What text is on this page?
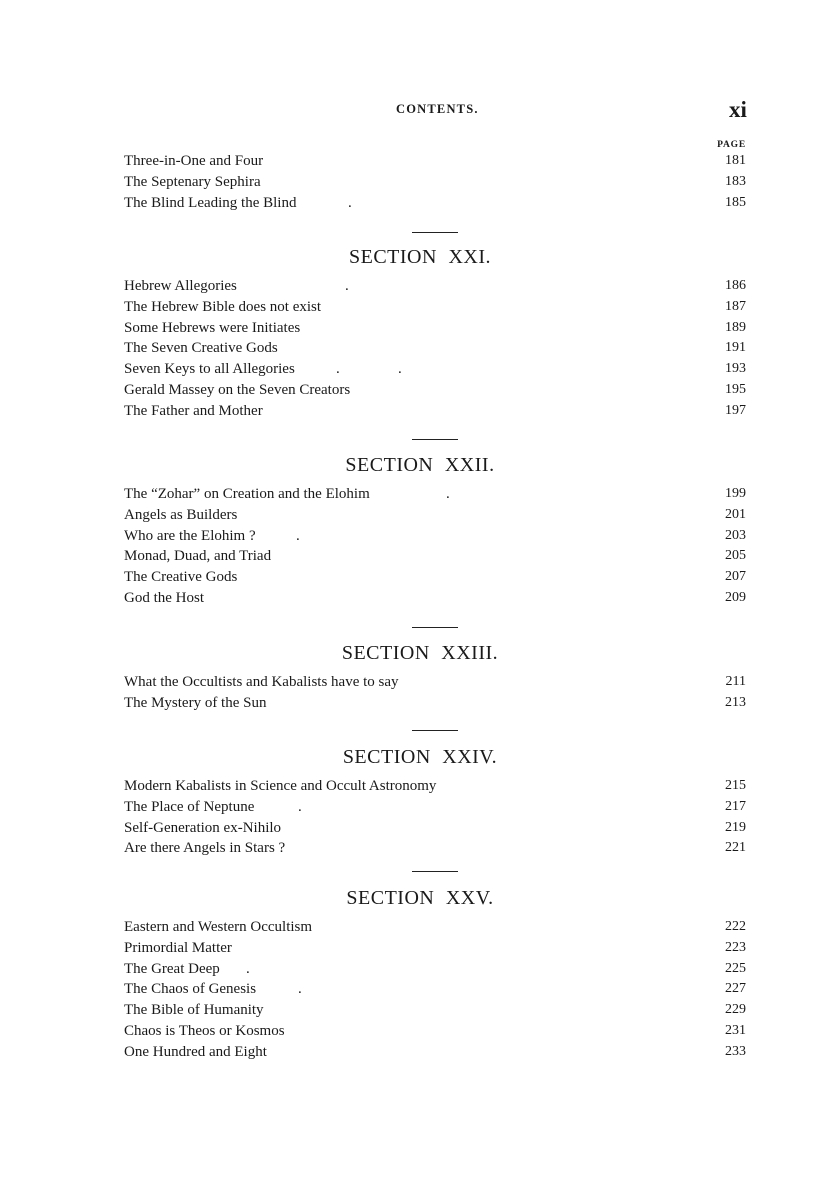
CONTENTS.	xi
PAGE
Three-in-One and Four	181
The Septenary Sephira	183
The Blind Leading the Blind	.	185
SECTION XXI.
Hebrew Allegories	.	186
The Hebrew Bible does not exist	187
Some Hebrews were Initiates	189
The Seven Creative Gods	191
Seven Keys to all Allegories	.	.	193
Gerald Massey on the Seven Creators	195
The Father and Mother	197
SECTION XXII.
The “Zohar” on Creation and the Elohim	.	199
Angels as Builders	201
Who are the Elohim ?	.	203
Monad, Duad, and Triad	205
The Creative Gods	207
God the Host	209
SECTION XXIII.
What the Occultists and Kabalists have to say	211
The Mystery of the Sun	213
SECTION XXIV.
Modern Kabalists in Science and Occult Astronomy	215
The Place of Neptune	.	217
Self-Generation ex-Nihilo	219
Are there Angels in Stars ?	221
SECTION XXV.
Eastern and Western Occultism	222
Primordial Matter	223
The Great Deep .	225
The Chaos of Genesis	.	227
The Bible of Humanity	229
Chaos is Theos or Kosmos	231
One Hundred and Eight	233
